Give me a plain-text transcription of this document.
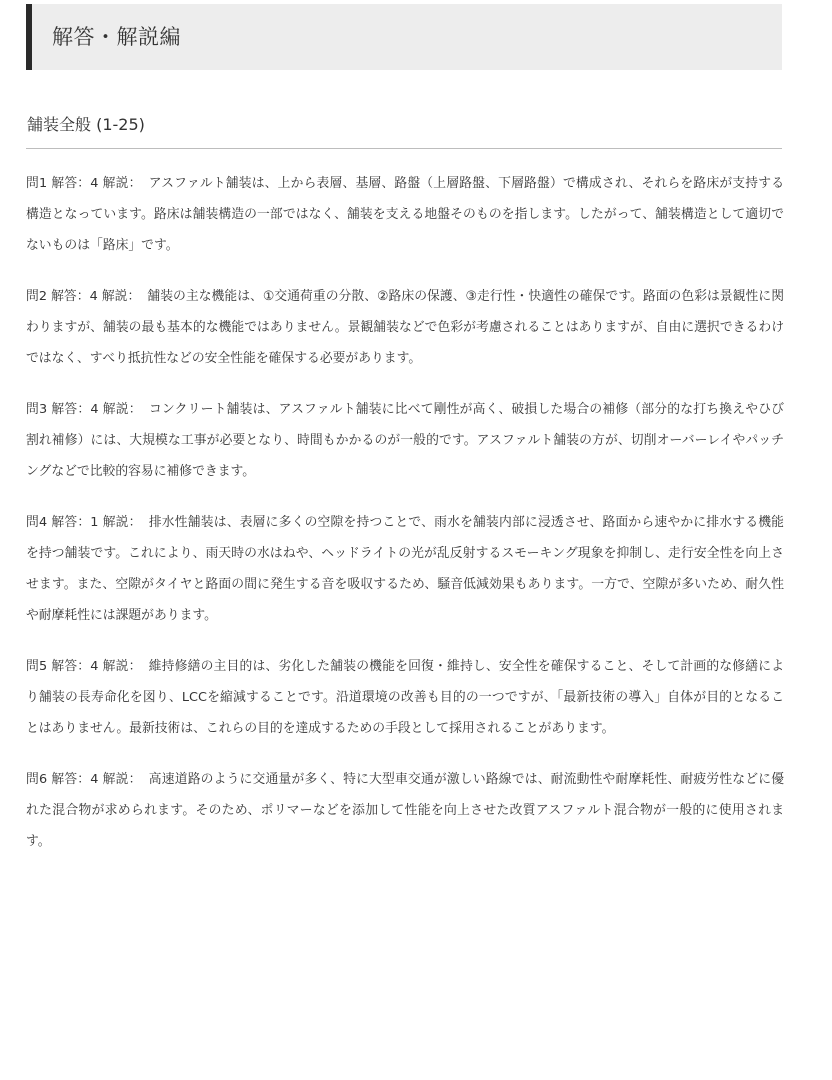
解答・解説編
舗装全般 (1-25)

問1 解答：4 解説： アスファルト舗装は、上から表層、基層、路盤（上層路盤、下層路盤）で構成され、それらを路床が支持する構造となっています。路床は舗装構造の一部ではなく、舗装を支える地盤そのものを指します。したがって、舗装構造として適切でないものは「路床」です。

問2 解答：4 解説： 舗装の主な機能は、①交通荷重の分散、②路床の保護、③走行性・快適性の確保です。路面の色彩は景観性に関わりますが、舗装の最も基本的な機能ではありません。景観舗装などで色彩が考慮されることはありますが、自由に選択できるわけではなく、すべり抵抗性などの安全性能を確保する必要があります。

問3 解答：4 解説： コンクリート舗装は、アスファルト舗装に比べて剛性が高く、破損した場合の補修（部分的な打ち換えやひび割れ補修）には、大規模な工事が必要となり、時間もかかるのが一般的です。アスファルト舗装の方が、切削オーバーレイやパッチングなどで比較的容易に補修できます。

問4 解答：1 解説： 排水性舗装は、表層に多くの空隙を持つことで、雨水を舗装内部に浸透させ、路面から速やかに排水する機能を持つ舗装です。これにより、雨天時の水はねや、ヘッドライトの光が乱反射するスモーキング現象を抑制し、走行安全性を向上させます。また、空隙がタイヤと路面の間に発生する音を吸収するため、騒音低減効果もあります。一方で、空隙が多いため、耐久性や耐摩耗性には課題があります。

問5 解答：4 解説： 維持修繕の主目的は、劣化した舗装の機能を回復・維持し、安全性を確保すること、そして計画的な修繕により舗装の長寿命化を図り、LCCを縮減することです。沿道環境の改善も目的の一つですが、「最新技術の導入」自体が目的となることはありません。最新技術は、これらの目的を達成するための手段として採用されることがあります。

問6 解答：4 解説： 高速道路のように交通量が多く、特に大型車交通が激しい路線では、耐流動性や耐摩耗性、耐疲労性などに優れた混合物が求められます。そのため、ポリマーなどを添加して性能を向上させた改質アスファルト混合物が一般的に使用されます。
